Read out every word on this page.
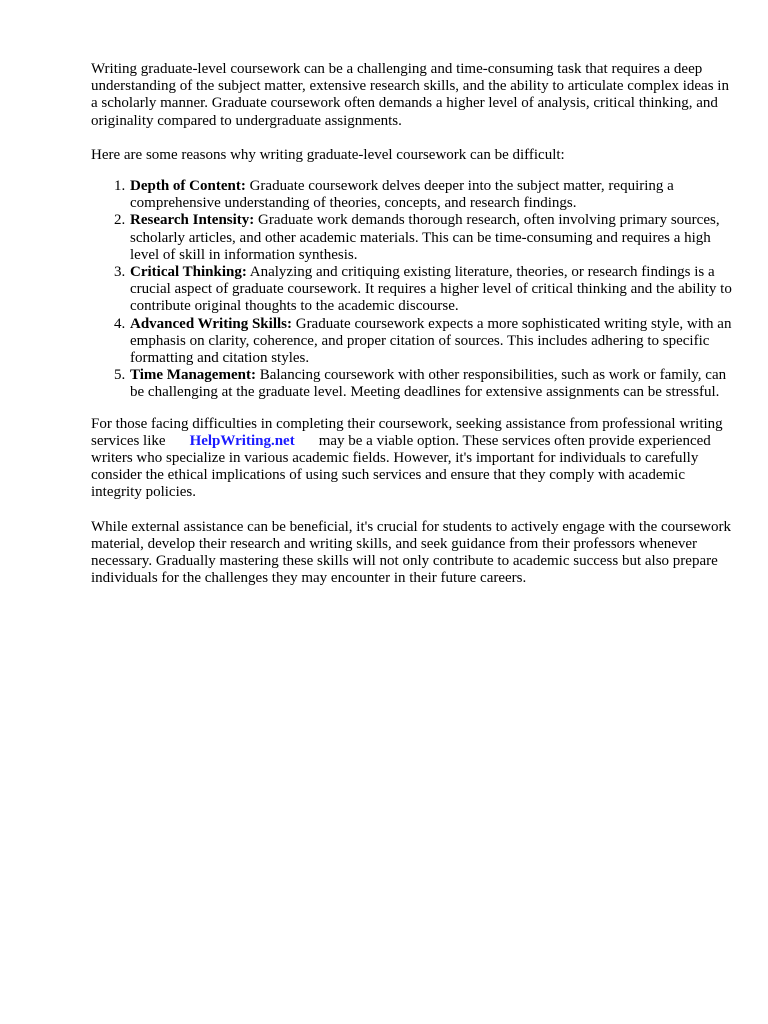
Writing graduate-level coursework can be a challenging and time-consuming task that requires a deep understanding of the subject matter, extensive research skills, and the ability to articulate complex ideas in a scholarly manner. Graduate coursework often demands a higher level of analysis, critical thinking, and originality compared to undergraduate assignments.

Here are some reasons why writing graduate-level coursework can be difficult:

1. Depth of Content: Graduate coursework delves deeper into the subject matter, requiring a comprehensive understanding of theories, concepts, and research findings.
2. Research Intensity: Graduate work demands thorough research, often involving primary sources, scholarly articles, and other academic materials. This can be time-consuming and requires a high level of skill in information synthesis.
3. Critical Thinking: Analyzing and critiquing existing literature, theories, or research findings is a crucial aspect of graduate coursework. It requires a higher level of critical thinking and the ability to contribute original thoughts to the academic discourse.
4. Advanced Writing Skills: Graduate coursework expects a more sophisticated writing style, with an emphasis on clarity, coherence, and proper citation of sources. This includes adhering to specific formatting and citation styles.
5. Time Management: Balancing coursework with other responsibilities, such as work or family, can be challenging at the graduate level. Meeting deadlines for extensive assignments can be stressful.

For those facing difficulties in completing their coursework, seeking assistance from professional writing services like HelpWriting.net may be a viable option. These services often provide experienced writers who specialize in various academic fields. However, it's important for individuals to carefully consider the ethical implications of using such services and ensure that they comply with academic integrity policies.

While external assistance can be beneficial, it's crucial for students to actively engage with the coursework material, develop their research and writing skills, and seek guidance from their professors whenever necessary. Gradually mastering these skills will not only contribute to academic success but also prepare individuals for the challenges they may encounter in their future careers.
